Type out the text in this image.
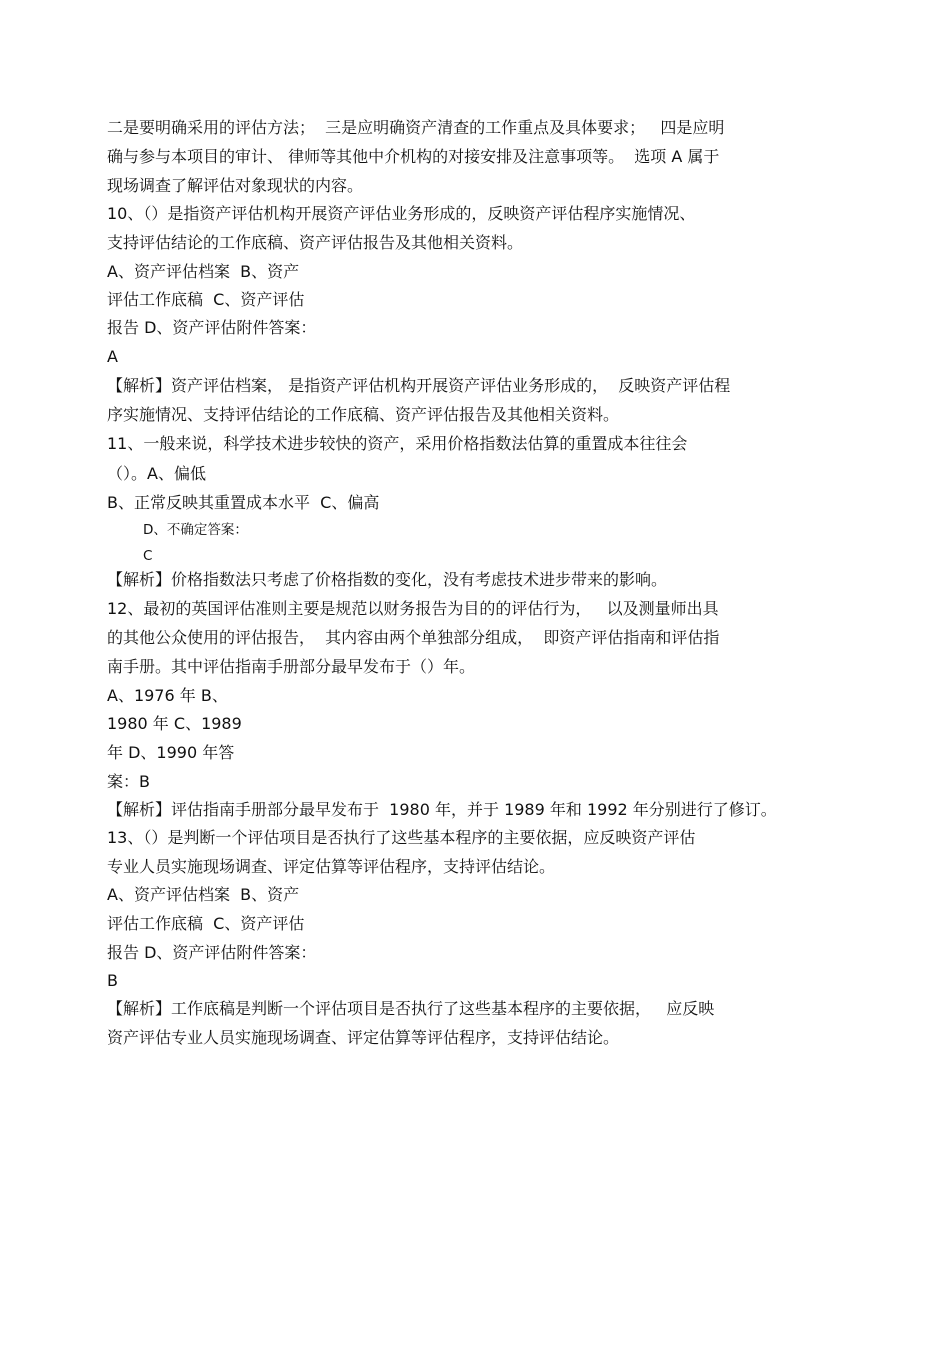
二是要明确采用的评估方法；  三是应明确资产清查的工作重点及具体要求；   四是应明
确与参与本项目的审计、 律师等其他中介机构的对接安排及注意事项等。  选项 A 属于
现场调查了解评估对象现状的内容。
10、（）是指资产评估机构开展资产评估业务形成的，反映资产评估程序实施情况、
支持评估结论的工作底稿、资产评估报告及其他相关资料。
A、资产评估档案  B、资产
评估工作底稿  C、资产评估
报告 D、资产评估附件答案：
A
【解析】资产评估档案， 是指资产评估机构开展资产评估业务形成的，  反映资产评估程
序实施情况、支持评估结论的工作底稿、资产评估报告及其他相关资料。
11、一般来说，科学技术进步较快的资产，采用价格指数法估算的重置成本往往会
（）。A、偏低
B、正常反映其重置成本水平  C、偏高
D、不确定答案：
C
【解析】价格指数法只考虑了价格指数的变化，没有考虑技术进步带来的影响。
12、最初的英国评估准则主要是规范以财务报告为目的的评估行为，   以及测量师出具
的其他公众使用的评估报告，  其内容由两个单独部分组成，  即资产评估指南和评估指
南手册。其中评估指南手册部分最早发布于（）年。
A、1976 年 B、
1980 年 C、1989
年 D、1990 年答
案：B
【解析】评估指南手册部分最早发布于  1980 年，并于 1989 年和 1992 年分别进行了修订。
13、（）是判断一个评估项目是否执行了这些基本程序的主要依据，应反映资产评估
专业人员实施现场调查、评定估算等评估程序，支持评估结论。
A、资产评估档案  B、资产
评估工作底稿  C、资产评估
报告 D、资产评估附件答案：
B
【解析】工作底稿是判断一个评估项目是否执行了这些基本程序的主要依据，   应反映
资产评估专业人员实施现场调查、评定估算等评估程序，支持评估结论。
